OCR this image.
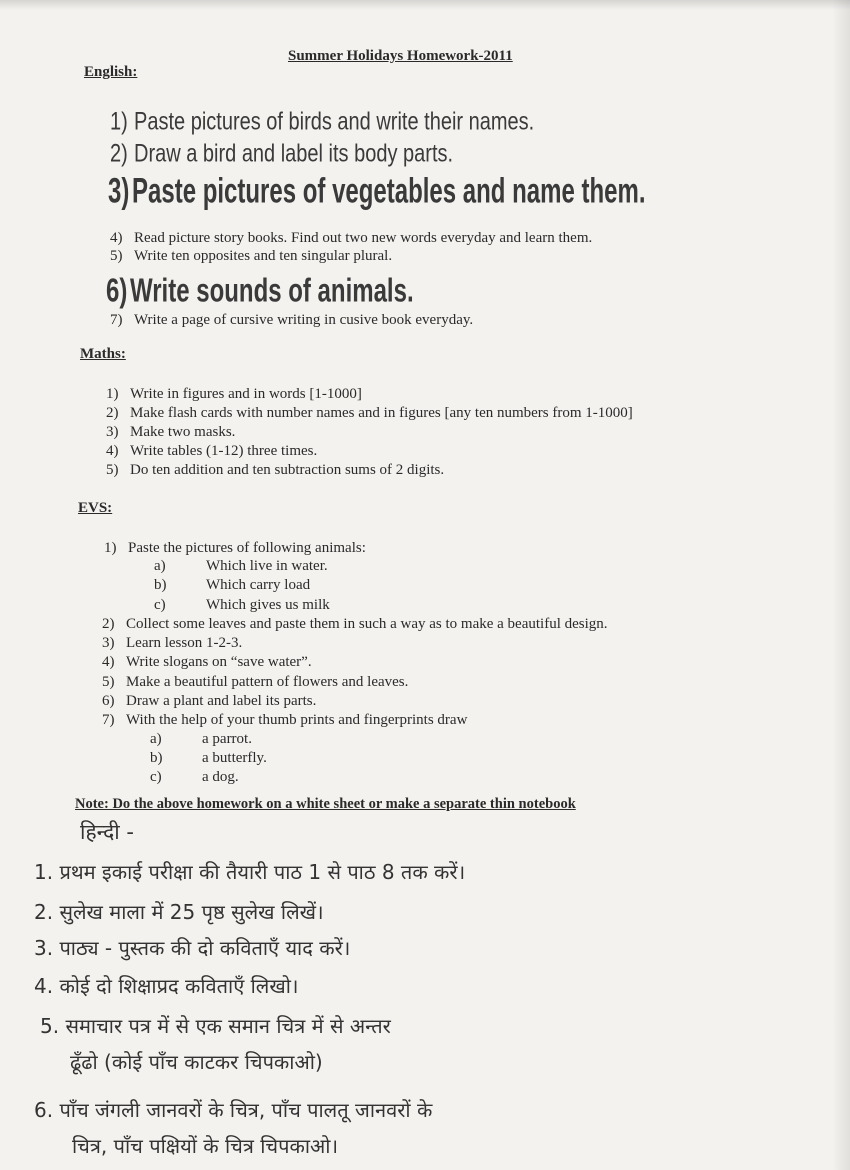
Summer Holidays Homework-2011
English:
1) Paste pictures of birds and write their names.
2) Draw a bird and label its body parts.
3) Paste pictures of vegetables and name them.
4) Read picture story books. Find out two new words everyday and learn them.
5) Write ten opposites and ten singular plural.
6) Write sounds of animals.
7) Write a page of cursive writing in cusive book everyday.
Maths:
1) Write in figures and in words [1-1000]
2) Make flash cards with number names and in figures [any ten numbers from 1-1000]
3) Make two masks.
4) Write tables (1-12) three times.
5) Do ten addition and ten subtraction sums of 2 digits.
EVS:
1) Paste the pictures of following animals:
a)	Which live in water.
b)	Which carry load
c)	Which gives us milk
2) Collect some leaves and paste them in such a way as to make a beautiful design.
3) Learn lesson 1-2-3.
4) Write slogans on “save water”.
5) Make a beautiful pattern of flowers and leaves.
6) Draw a plant and label its parts.
7) With the help of your thumb prints and fingerprints draw
a)	a parrot.
b)	a butterfly.
c)	a dog.
Note: Do the above homework on a white sheet or make a separate thin notebook
हिन्दी -
1. प्रथम इकाई परीक्षा की तैयारी पाठ 1 से पाठ 8 तक करें।
2. सुलेख माला में 25 पृष्ठ सुलेख लिखें।
3. पाठ्य - पुस्तक की दो कविताएँ याद करें।
4. कोई दो शिक्षाप्रद कविताएँ लिखो।
5. समाचार पत्र में से एक समान चित्र में से अन्तर
ढूँढो (कोई पाँच काटकर चिपकाओ)
6. पाँच जंगली जानवरों के चित्र, पाँच पालतू जानवरों के
चित्र, पाँच पक्षियों के चित्र चिपकाओ।
